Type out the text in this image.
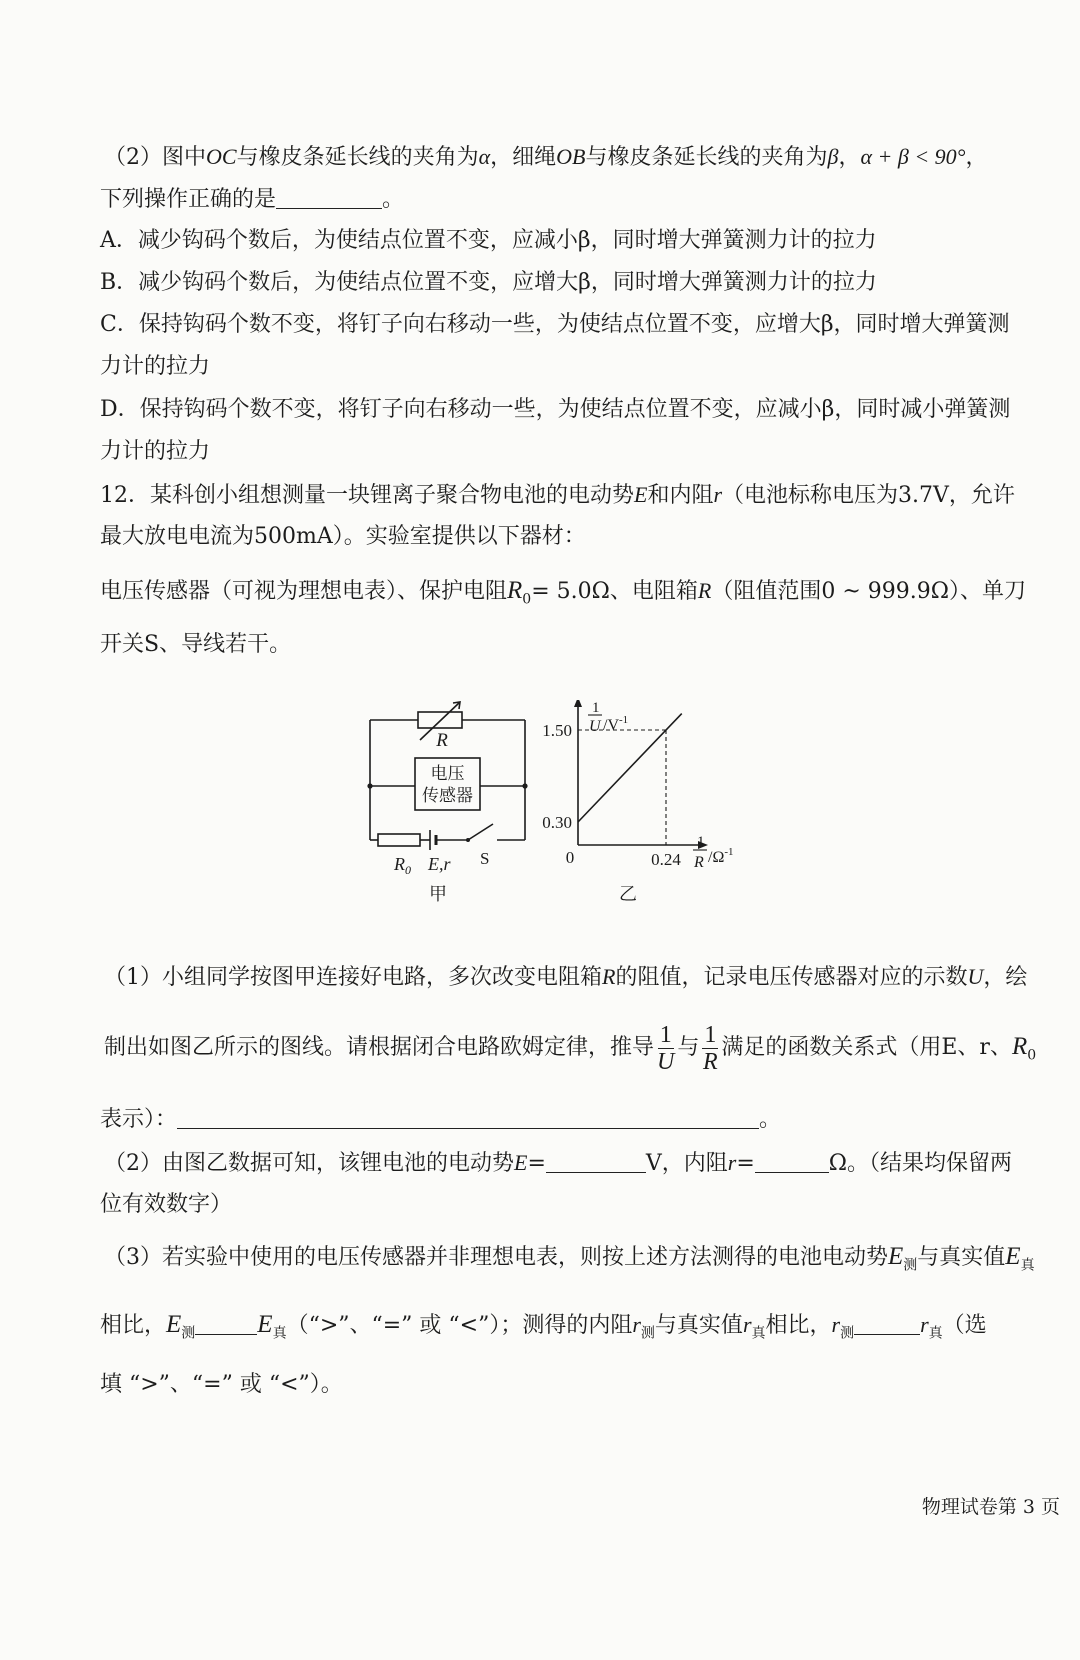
（2）图中OC与橡皮条延长线的夹角为α，细绳OB与橡皮条延长线的夹角为β，α + β < 90°，
下列操作正确的是	。
A．减少钩码个数后，为使结点位置不变，应减小β，同时增大弹簧测力计的拉力
B．减少钩码个数后，为使结点位置不变，应增大β，同时增大弹簧测力计的拉力
C．保持钩码个数不变，将钉子向右移动一些，为使结点位置不变，应增大β，同时增大弹簧测
力计的拉力
D．保持钩码个数不变，将钉子向右移动一些，为使结点位置不变，应减小β，同时减小弹簧测
力计的拉力
12．某科创小组想测量一块锂离子聚合物电池的电动势E和内阻r（电池标称电压为3.7V，允许
最大放电电流为500mA）。实验室提供以下器材：
电压传感器（可视为理想电表）、保护电阻$R_0= 5.0\Omega$、电阻箱R（阻值范围0 ~ 999.9Ω）、单刀
开关S、导线若干。
R
电压
传感器
$R_0$ E,r S
甲
1
U $/V^{-1}$
1
R $/\Omega^{-1}$
1.50
0.30
0	0.24
乙
（1）小组同学按图甲连接好电路，多次改变电阻箱R的阻值，记录电压传感器对应的示数U，绘
制出如图乙所示的图线。请根据闭合电路欧姆定律，推导 $\frac{1}{U}$ 与 $\frac{1}{R}$ 满足的函数关系式（用E、r、$R_0$
表示）：	。
（2）由图乙数据可知，该锂电池的电动势E=	V，内阻r=	Ω。（结果均保留两
位有效数字）
（3）若实验中使用的电压传感器并非理想电表，则按上述方法测得的电池电动势$E_测$与真实值$E_真$
相比，$E_测$ $E_真(“>$”、“=” 或 “<”）；测得的内阻$r_测$与真实值$r_真$相比，$r_测$	$r_真$（选
填 “>”、“=” 或 “<”）。
物理试卷第 3 页
